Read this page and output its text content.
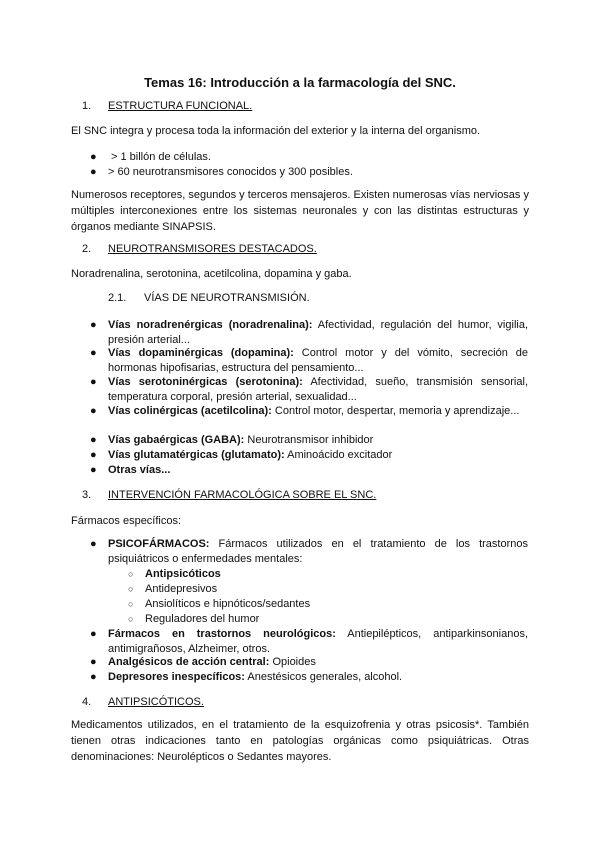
Temas 16: Introducción a la farmacología del SNC.
1. ESTRUCTURA FUNCIONAL.

El SNC integra y procesa toda la información del exterior y la interna del organismo.

● > 1 billón de células.
● > 60 neurotransmisores conocidos y 300 posibles.

Numerosos receptores, segundos y terceros mensajeros. Existen numerosas vías nerviosas y múltiples interconexiones entre los sistemas neuronales y con las distintas estructuras y órganos mediante SINAPSIS.

2. NEUROTRANSMISORES DESTACADOS.

Noradrenalina, serotonina, acetilcolina, dopamina y gaba.

2.1. VÍAS DE NEUROTRANSMISIÓN.
● Vías noradrenérgicas (noradrenalina): Afectividad, regulación del humor, vigilia, presión arterial...
● Vías dopaminérgicas (dopamina): Control motor y del vómito, secreción de hormonas hipofisarias, estructura del pensamiento...
● Vías serotoninérgicas (serotonina): Afectividad, sueño, transmisión sensorial, temperatura corporal, presión arterial, sexualidad...
● Vías colinérgicas (acetilcolina): Control motor, despertar, memoria y aprendizaje...
● Vías gabaérgicas (GABA): Neurotransmisor inhibidor
● Vías glutamatérgicas (glutamato): Aminoácido excitador
● Otras vías...
3. INTERVENCIÓN FARMACOLÓGICA SOBRE EL SNC.

Fármacos específicos:

● PSICOFÁRMACOS: Fármacos utilizados en el tratamiento de los trastornos psiquiátricos o enfermedades mentales:
○ Antipsicóticos
○ Antidepresivos
○ Ansiolíticos e hipnóticos/sedantes
○ Reguladores del humor
● Fármacos en trastornos neurológicos: Antiepilépticos, antiparkinsonianos, antimigrañosos, Alzheimer, otros.
● Analgésicos de acción central: Opioides
● Depresores inespecíficos: Anestésicos generales, alcohol.
4. ANTIPSICÓTICOS.

Medicamentos utilizados, en el tratamiento de la esquizofrenia y otras psicosis*. También tienen otras indicaciones tanto en patologías orgánicas como psiquiátricas. Otras denominaciones: Neurolépticos o Sedantes mayores.
